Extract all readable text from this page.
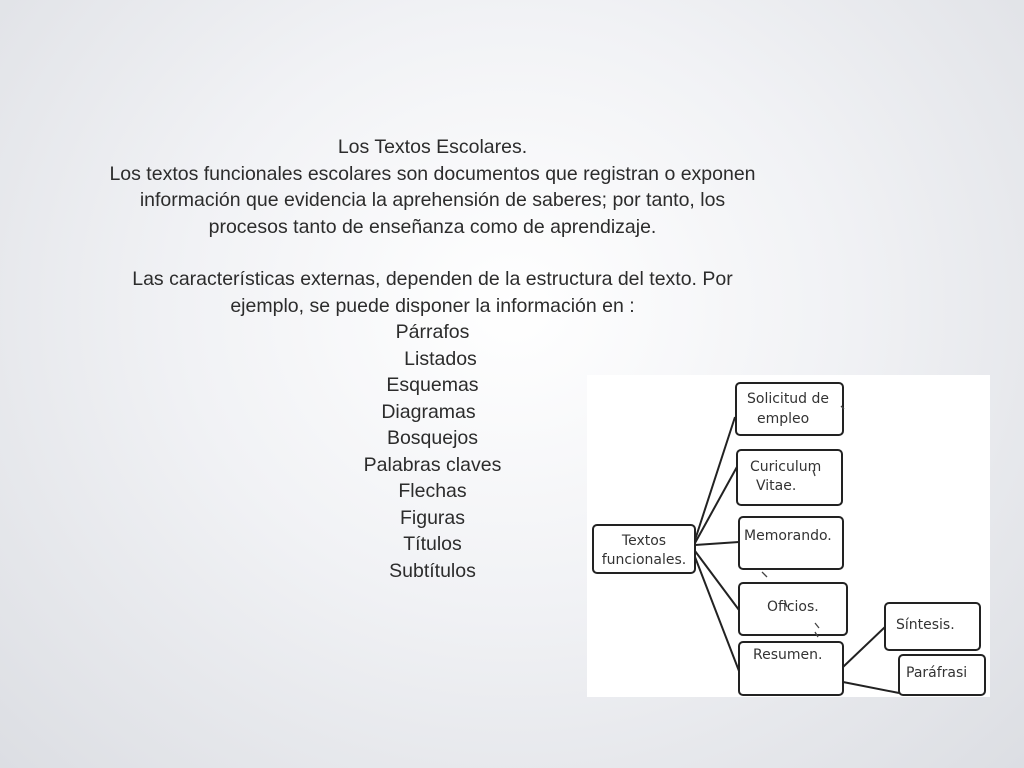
Los Textos Escolares.

Los textos funcionales escolares son documentos que registran o exponen

información que evidencia la aprehensión de saberes; por tanto, los

procesos tanto de enseñanza como de aprendizaje.

Las características externas, dependen de la estructura del texto. Por

ejemplo, se puede disponer la información en :

Párrafos
Listados
Esquemas
Diagramas
Bosquejos
Palabras claves
Flechas
Figuras
Títulos
Subtítulos
Textos
funcionales.
Solicitud de
empleo
Curiculum
Vitae.
Memorando.
Oficios.
Resumen.
Síntesis.
Paráfrasi
